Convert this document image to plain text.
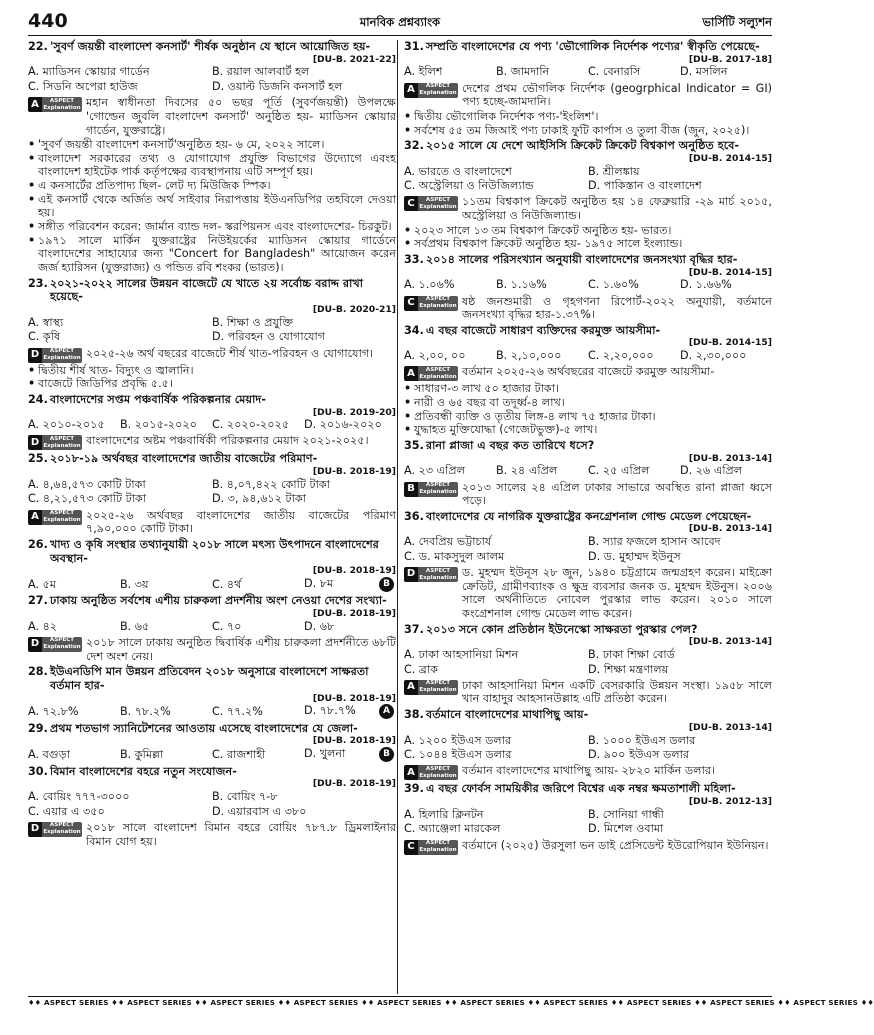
440	মানবিক প্রশ্নব্যাংক	ভার্সিটি সল্যুশন
22. 'সুবর্ণ জয়ন্তী বাংলাদেশ কনসার্ট' শীর্ষক অনুষ্ঠান যে স্থানে আয়োজিত হয়-
[DU-B. 2021-22]
A. ম্যাডিসন স্কোয়ার গার্ডেন	B. রয়াল আলবার্ট হল
C. সিডনি অপেরা হাউজ	D. ওয়াল্ট ডিজনি কনসার্ট হল
A	ASPECT
Explanation মহান স্বাধীনতা দিবসের ৫০ ভছর পূর্তি (সুবর্ণজয়ন্তী) উপলক্ষে 'গোল্ডেন জুবলি বাংলাদেশ কনসার্ট' অনুষ্ঠিত হয়- ম্যাডিসন স্কোয়ার গার্ডেন, যুক্তরাষ্ট্রে।
• 'সুবর্ণ জয়ন্তী বাংলাদেশ কনসার্ট'অনুষ্ঠিত হয়- ৬ মে, ২০২২ সালে।
• বাংলাদেশ সরকারের তথ্য ও যোগাযোগ প্রযুক্তি বিভাগের উদ্যোগে এবংহ বাংলাদেশ হাইটেক পার্ক কর্তৃপক্ষের ব্যবস্থাপনায় এটি সম্পূর্ণ হয়।
• এ কনসার্টের প্রতিপাদ্য ছিল- লেট দ্য মিউজিক স্পিক।
• এই কনসার্ট থেকে অর্জিত অর্থ সাইবার নিরাপত্তায় ইউএনডিপির তহবিলে দেওয়া হয়।
• সঙ্গীত পরিবেশন করেন: জার্মান ব্যান্ড দল- স্করপিয়নস এবং বাংলাদেশের- চিরকুট।
• ১৯৭১ সালে মার্কিন যুক্তরাষ্ট্রের নিউইয়র্কের ম্যাডিসন স্কোয়ার গার্ডেনে বাংলাদেশের সাহায্যের জন্য "Concert for Bangladesh" আয়োজন করেন জর্জ হ্যারিসন (যুক্তরাজ্য) ও পন্ডিত রবি শংকর (ভারত)।
23. ২০২১-২০২২ সালের উন্নয়ন বাজেটে যে খাতে ২য় সর্বোচ্চ বরাদ্দ রাখা হয়েছে-
[DU-B. 2020-21]
A. স্বাস্থ্য	B. শিক্ষা ও প্রযুক্তি
C. কৃষি	D. পরিবহন ও যোগাযোগ
D	ASPECT
Explanation ২০২৫-২৬ অর্থ বছরের বাজেটে শীর্ষ খাত-পরিবহন ও যোগাযোগ।
• দ্বিতীয় শীর্ষ খাত- বিদ্যুৎ ও জ্বালানি।
• বাজেটে জিডিপির প্রবৃদ্ধি ৫.৫।
24. বাংলাদেশের সপ্তম পঞ্চবার্ষিক পরিকল্পনার মেয়াদ-
[DU-B. 2019-20]
A. ২০১০-২০১৫	B. ২০১৫-২০২০	C. ২০২০-২০২৫	D. ২০১৬-২০২০
D	ASPECT
Explanation বাংলাদেশের অষ্টম পঞ্চবার্ষিকী পরিকল্পনার মেয়াদ ২০২১-২০২৫।
25. ২০১৮-১৯ অর্থবছর বাংলাদেশের জাতীয় বাজেটের পরিমাণ-
[DU-B. 2018-19]
A. ৪,৬৪,৫৭৩ কোটি টাকা	B. ৪,০৭,৪২২ কোটি টাকা
C. ৪,২১,৫৭৩ কোটি টাকা	D. ৩, ৯৪,৬১২ টাকা
A	ASPECT
Explanation ২০২৫-২৬ অর্থবছর বাংলাদেশের জাতীয় বাজেটের পরিমাণ ৭,৯০,০০০ কোটি টাকা।
26. খাদ্য ও কৃষি সংস্থার তথ্যানুযায়ী ২০১৮ সালে মৎস্য উৎপাদনে বাংলাদেশের অবস্থান-
[DU-B. 2018-19]
A. ৫ম	B. ৩য়	C. ৪র্থ	D. ৮ম	B
27. ঢাকায় অনুষ্ঠিত সর্বশেষ এশীয় চারুকলা প্রদর্শনীয় অংশ নেওয়া দেশের সংখ্যা-
[DU-B. 2018-19]
A. ৪২	B. ৬৫	C. ৭০	D. ৬৮
D	ASPECT
Explanation ২০১৮ সালে ঢাকায় অনুষ্ঠিত দ্বিবার্ষিক এশীয় চারুকলা প্রদর্শনীতে ৬৮টি দেশ অংশ নেয়।
28. ইউএনডিপি মান উন্নয়ন প্রতিবেদন ২০১৮ অনুসারে বাংলাদেশে সাক্ষরতা বর্তমান হার-
[DU-B. 2018-19]
A. ৭২.৮%	B. ৭৮.২%	C. ৭৭.২%	D. ৭৮.৭%	A
29. প্রথম শতভাগ স্যানিটেশনের আওতায় এসেছে বাংলাদেশের যে জেলা-
[DU-B. 2018-19]
A. বগুড়া	B. কুমিল্লা	C. রাজশাহী	D. খুলনা	B
30. বিমান বাংলাদেশের বহরে নতুন সংযোজন-
[DU-B. 2018-19]
A. বোয়িং ৭৭৭-৩০০০	B. বোয়িং ৭-৮
C. এয়ার এ ৩৫০	D. এয়ারবাস এ ৩৮০
D	ASPECT
Explanation ২০১৮ সালে বাংলাদেশ বিমান বহরে বোয়িং ৭৮৭.৮ ড্রিমলাইনার বিমান যোগ হয়।
31. সম্প্রতি বাংলাদেশের যে পণ্য 'ভৌগোলিক নির্দেশক পণ্যের' স্বীকৃতি পেয়েছে-
[DU-B. 2017-18]
A. ইলিশ	B. জামদানি	C. বেনারসি	D. মসলিন
A	ASPECT
Explanation দেশের প্রথম ভৌগলিক নির্দেশক (geogrphical Indicator = GI) পণ্য হচ্ছে-জামদানি।
• দ্বিতীয় ভৌগোলিক নির্দেশক পণ্য-'ইংলিশ'।
• সর্বশেষ ৫৫ তম জিআই পণ্য ঢাকাই ফুটি কার্পাস ও তুলা বীজ (জুন, ২০২৫)।
32. ২০১৫ সালে যে দেশে আইসিসি ক্রিকেট ক্রিকেট বিশ্বকাপ অনুষ্ঠিত হবে-
[DU-B. 2014-15]
A. ভারতে ও বাংলাদেশে	B. শ্রীলঙ্কায়
C. অস্ট্রেলিয়া ও নিউজিল্যান্ড	D. পাকিস্তান ও বাংলাদেশ
C	ASPECT
Explanation ১১তম বিশ্বকাপ ক্রিকেট অনুষ্ঠিত হয় ১৪ ফেব্রুয়ারি -২৯ মার্চ ২০১৫, অস্ট্রেলিয়া ও নিউজিল্যান্ড।
• ২০২৩ সালে ১৩ তম বিশ্বকাপ ক্রিকেট অনুষ্ঠিত হয়- ভারত।
• সর্বপ্রথম বিশ্বকাপ ক্রিকেট অনুষ্ঠিত হয়- ১৯৭৫ সালে ইংল্যান্ড।
33. ২০১৪ সালের পরিসংখ্যান অনুযায়ী বাংলাদেশের জনসংখ্যা বৃদ্ধির হার-
[DU-B. 2014-15]
A. ১.০৬%	B. ১.১৬%	C. ১.৬০%	D. ১.৬৬%
C	ASPECT
Explanation ষষ্ঠ জনশুমারী ও গৃহগণনা রিপোর্ট-২০২২ অনুযায়ী, বর্তমানে জনসংখ্যা বৃদ্ধির হার-১.৩৭%।
34. এ বছর বাজেটে সাধারণ ব্যক্তিদের করমুক্ত আয়সীমা-
[DU-B. 2014-15]
A. ২,০০, ০০	B. ২,১০,০০০	C. ২,২০,০০০	D. ২,৩০,০০০
A	ASPECT
Explanation বর্তমান ২০২৫-২৬ অর্থবছরের বাজেটে করমুক্ত আয়সীমা-
• সাধারণ-৩ লাখ ৫০ হাজার টাকা।
• নারী ও ৬৫ বছর বা তদূর্ধ্ব-৪ লাখ।
• প্রতিবন্ধী ব্যক্তি ও তৃতীয় লিঙ্গ-৪ লাখ ৭৫ হাজার টাকা।
• যুদ্ধাহত মুক্তিযোদ্ধা (গেজেটভুক্ত)-৫ লাখ।
35. রানা প্লাজা এ বছর কত তারিখে ধসে?
[DU-B. 2013-14]
A. ২৩ এপ্রিল	B. ২৪ এপ্রিল	C. ২৫ এপ্রিল	D. ২৬ এপ্রিল
B	ASPECT
Explanation ২০১৩ সালের ২৪ এপ্রিল ঢাকার সাভারে অবস্থিত রানা প্লাজা ধ্বসে পড়ে।
36. বাংলাদেশের যে নাগরিক যুক্তরাষ্ট্রের কনগ্রেশনাল গোল্ড মেডেল পেয়েছেন-
[DU-B. 2013-14]
A. দেবপ্রিয় ভট্টাচার্য	B. স্যার ফজলে হাসান আবেদ
C. ড. মাকসুদুল আলম	D. ড. মুহাম্মদ ইউনুস
D	ASPECT
Explanation ড. মুহম্মদ ইউনূস ২৮ জুন, ১৯৪০ চট্টগ্রামে জন্মগ্রহণ করেন। মাইক্রো ক্রেডিট, গ্রামীণব্যাংক ও ক্ষুদ্র ব্যবসার জনক ড. মুহম্মদ ইউনুস। ২০০৬ সালে অর্থনীতিতে নোবেল পুরস্কার লাভ করেন। ২০১০ সালে কংগ্রেশনাল গোল্ড মেডেল লাভ করেন।
37. ২০১৩ সনে কোন প্রতিষ্ঠান ইউনেস্কো সাক্ষরতা পুরস্কার পেল?
[DU-B. 2013-14]
A. ঢাকা আহসানিয়া মিশন	B. ঢাকা শিক্ষা বোর্ড
C. ব্রাক	D. শিক্ষা মন্ত্রণালয়
A	ASPECT
Explanation ঢাকা আহসানিয়া মিশন একটি বেসরকারি উন্নয়ন সংস্থা। ১৯৫৮ সালে খান বাহাদুর আহসানউল্লাহ এটি প্রতিষ্ঠা করেন।
38. বর্তমানে বাংলাদেশের মাথাপিছু আয়-
[DU-B. 2013-14]
A. ১২০০ ইউএস ডলার	B. ১০০০ ইউএস ডলার
C. ১০৪৪ ইউএস ডলার	D. ৯০০ ইউএস ডলার
A	ASPECT
Explanation বর্তমান বাংলাদেশের মাথাপিছু আয়- ২৮২০ মার্কিন ডলার।
39. এ বছর ফোর্বস সাময়িকীর জরিপে বিশ্বের এক নম্বর ক্ষমতাশালী মহিলা-
[DU-B. 2012-13]
A. হিলারি ক্লিনটন	B. সোনিয়া গান্ধী
C. অ্যাঞ্জেলা মারকেল	D. মিশেল ওবামা
C	ASPECT
Explanation বর্তমানে (২০২৫) উরসুলা ভন ডাই প্রেসিডেন্ট ইউরোপিয়ান ইউনিয়ন।
♦♦ ASPECT SERIES ♦♦ ASPECT SERIES ♦♦ ASPECT SERIES ♦♦ ASPECT SERIES ♦♦ ASPECT SERIES ♦♦ ASPECT SERIES ♦♦ ASPECT SERIES ♦♦ ASPECT SERIES ♦♦ ASPECT SERIES ♦♦ ASPECT SERIES ♦♦
